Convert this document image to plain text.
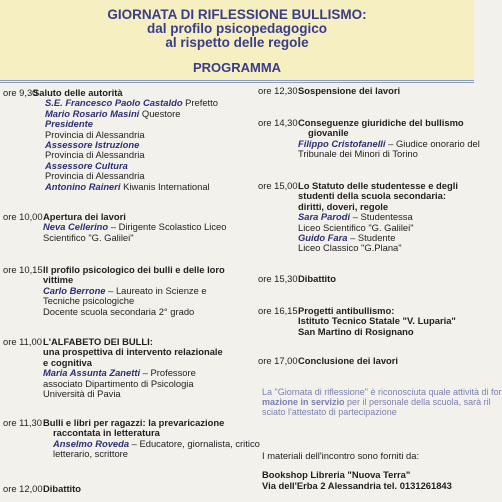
GIORNATA DI RIFLESSIONE BULLISMO:
dal profilo psicopedagogico
al rispetto delle regole
PROGRAMMA
ore 9,30
Saluto delle autorità
S.E. Francesco Paolo Castaldo Prefetto
Mario Rosario Masini Questore
Presidente
Provincia di Alessandria
Assessore Istruzione
Provincia di Alessandria
Assessore Cultura
Provincia di Alessandria
Antonino Raineri Kiwanis International
ore 10,00 Apertura dei lavori
Neva Cellerino – Dirigente Scolastico Liceo
Scientifico "G. Galilei"
ore 10,15 Il profilo psicologico dei bulli e delle loro
vittime
Carlo Berrone – Laureato in Scienze e
Tecniche psicologiche
Docente scuola secondaria 2° grado
ore 11,00 L'ALFABETO DEI BULLI:
una prospettiva di intervento relazionale
e cognitiva
Maria Assunta Zanetti – Professore
associato Dipartimento di Psicologia
Università di Pavia
ore 11,30 Bulli e libri per ragazzi: la prevaricazione
raccontata in letteratura
Anselmo Roveda – Educatore, giornalista, critico
letterario, scrittore
ore 12,00 Dibattito
ore 12,30 Sospensione dei lavori
ore 14,30 Conseguenze giuridiche del bullismo
giovanile
Filippo Cristofanelli – Giudice onorario del
Tribunale dei Minori di Torino
ore 15,00 Lo Statuto delle studentesse e degli
studenti della scuola secondaria:
diritti, doveri, regole
Sara Parodi – Studentessa
Liceo Scientifico "G. Galilei"
Guido Fara – Studente
Liceo Classico "G.Plana"
ore 15,30 Dibattito
ore 16,15 Progetti antibullismo:
Istituto Tecnico Statale "V. Luparia"
San Martino di Rosignano
ore 17,00 Conclusione dei lavori
La "Giornata di riflessione" è riconosciuta quale attività di for
mazione in servizio per il personale della scuola, sarà ril
sciato l'attestato di partecipazione
I materiali dell'incontro sono forniti da:
Bookshop Libreria "Nuova Terra"
Via dell'Erba 2 Alessandria tel. 0131261843
